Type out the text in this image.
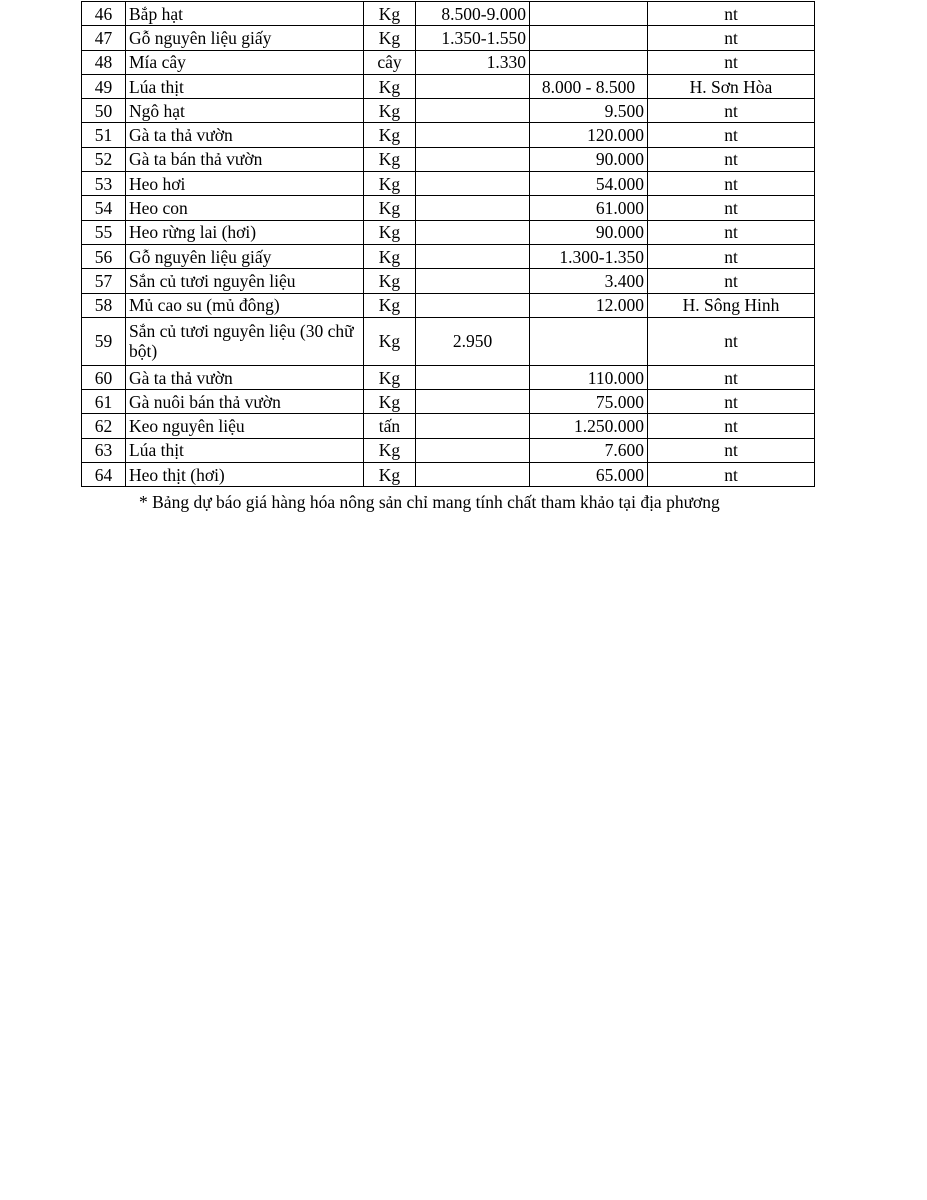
46	Bắp hạt	Kg	8.500-9.000		nt
47	Gỗ nguyên liệu giấy	Kg	1.350-1.550		nt
48	Mía cây	cây	1.330		nt
49	Lúa thịt	Kg		8.000 - 8.500	H. Sơn Hòa
50	Ngô hạt	Kg		9.500	nt
51	Gà ta thả vườn	Kg		120.000	nt
52	Gà ta bán thả vườn	Kg		90.000	nt
53	Heo hơi	Kg		54.000	nt
54	Heo con	Kg		61.000	nt
55	Heo rừng lai (hơi)	Kg		90.000	nt
56	Gỗ nguyên liệu giấy	Kg		1.300-1.350	nt
57	Sắn củ tươi nguyên liệu	Kg		3.400	nt
58	Mủ cao su (mủ đông)	Kg		12.000	H. Sông Hinh
59	Sắn củ tươi nguyên liệu (30 chữ bột)	Kg	2.950		nt
60	Gà ta thả vườn	Kg		110.000	nt
61	Gà nuôi bán thả vườn	Kg		75.000	nt
62	Keo nguyên liệu	tấn		1.250.000	nt
63	Lúa thịt	Kg		7.600	nt
64	Heo thịt (hơi)	Kg		65.000	nt
* Bảng dự báo giá hàng hóa nông sản chỉ mang tính chất tham khảo tại địa phương
